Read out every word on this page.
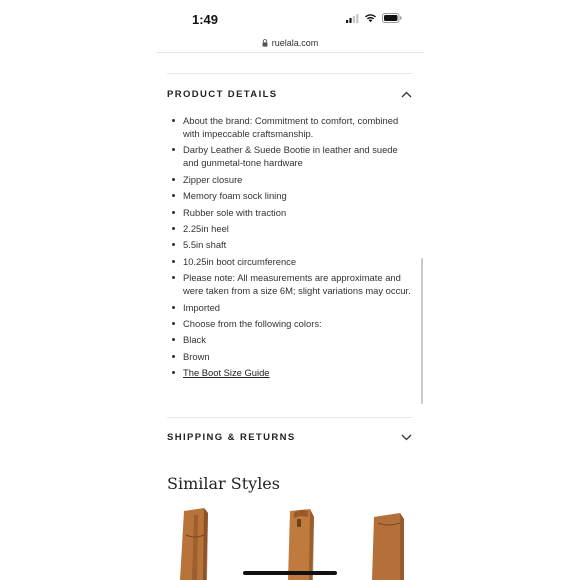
1:49
ruelala.com
PRODUCT DETAILS
About the brand: Commitment to comfort, combined with impeccable craftsmanship.
Darby Leather & Suede Bootie in leather and suede and gunmetal-tone hardware
Zipper closure
Memory foam sock lining
Rubber sole with traction
2.25in heel
5.5in shaft
10.25in boot circumference
Please note: All measurements are approximate and were taken from a size 6M; slight variations may occur.
Imported
Choose from the following colors:
Black
Brown
The Boot Size Guide
SHIPPING & RETURNS
Similar Styles
